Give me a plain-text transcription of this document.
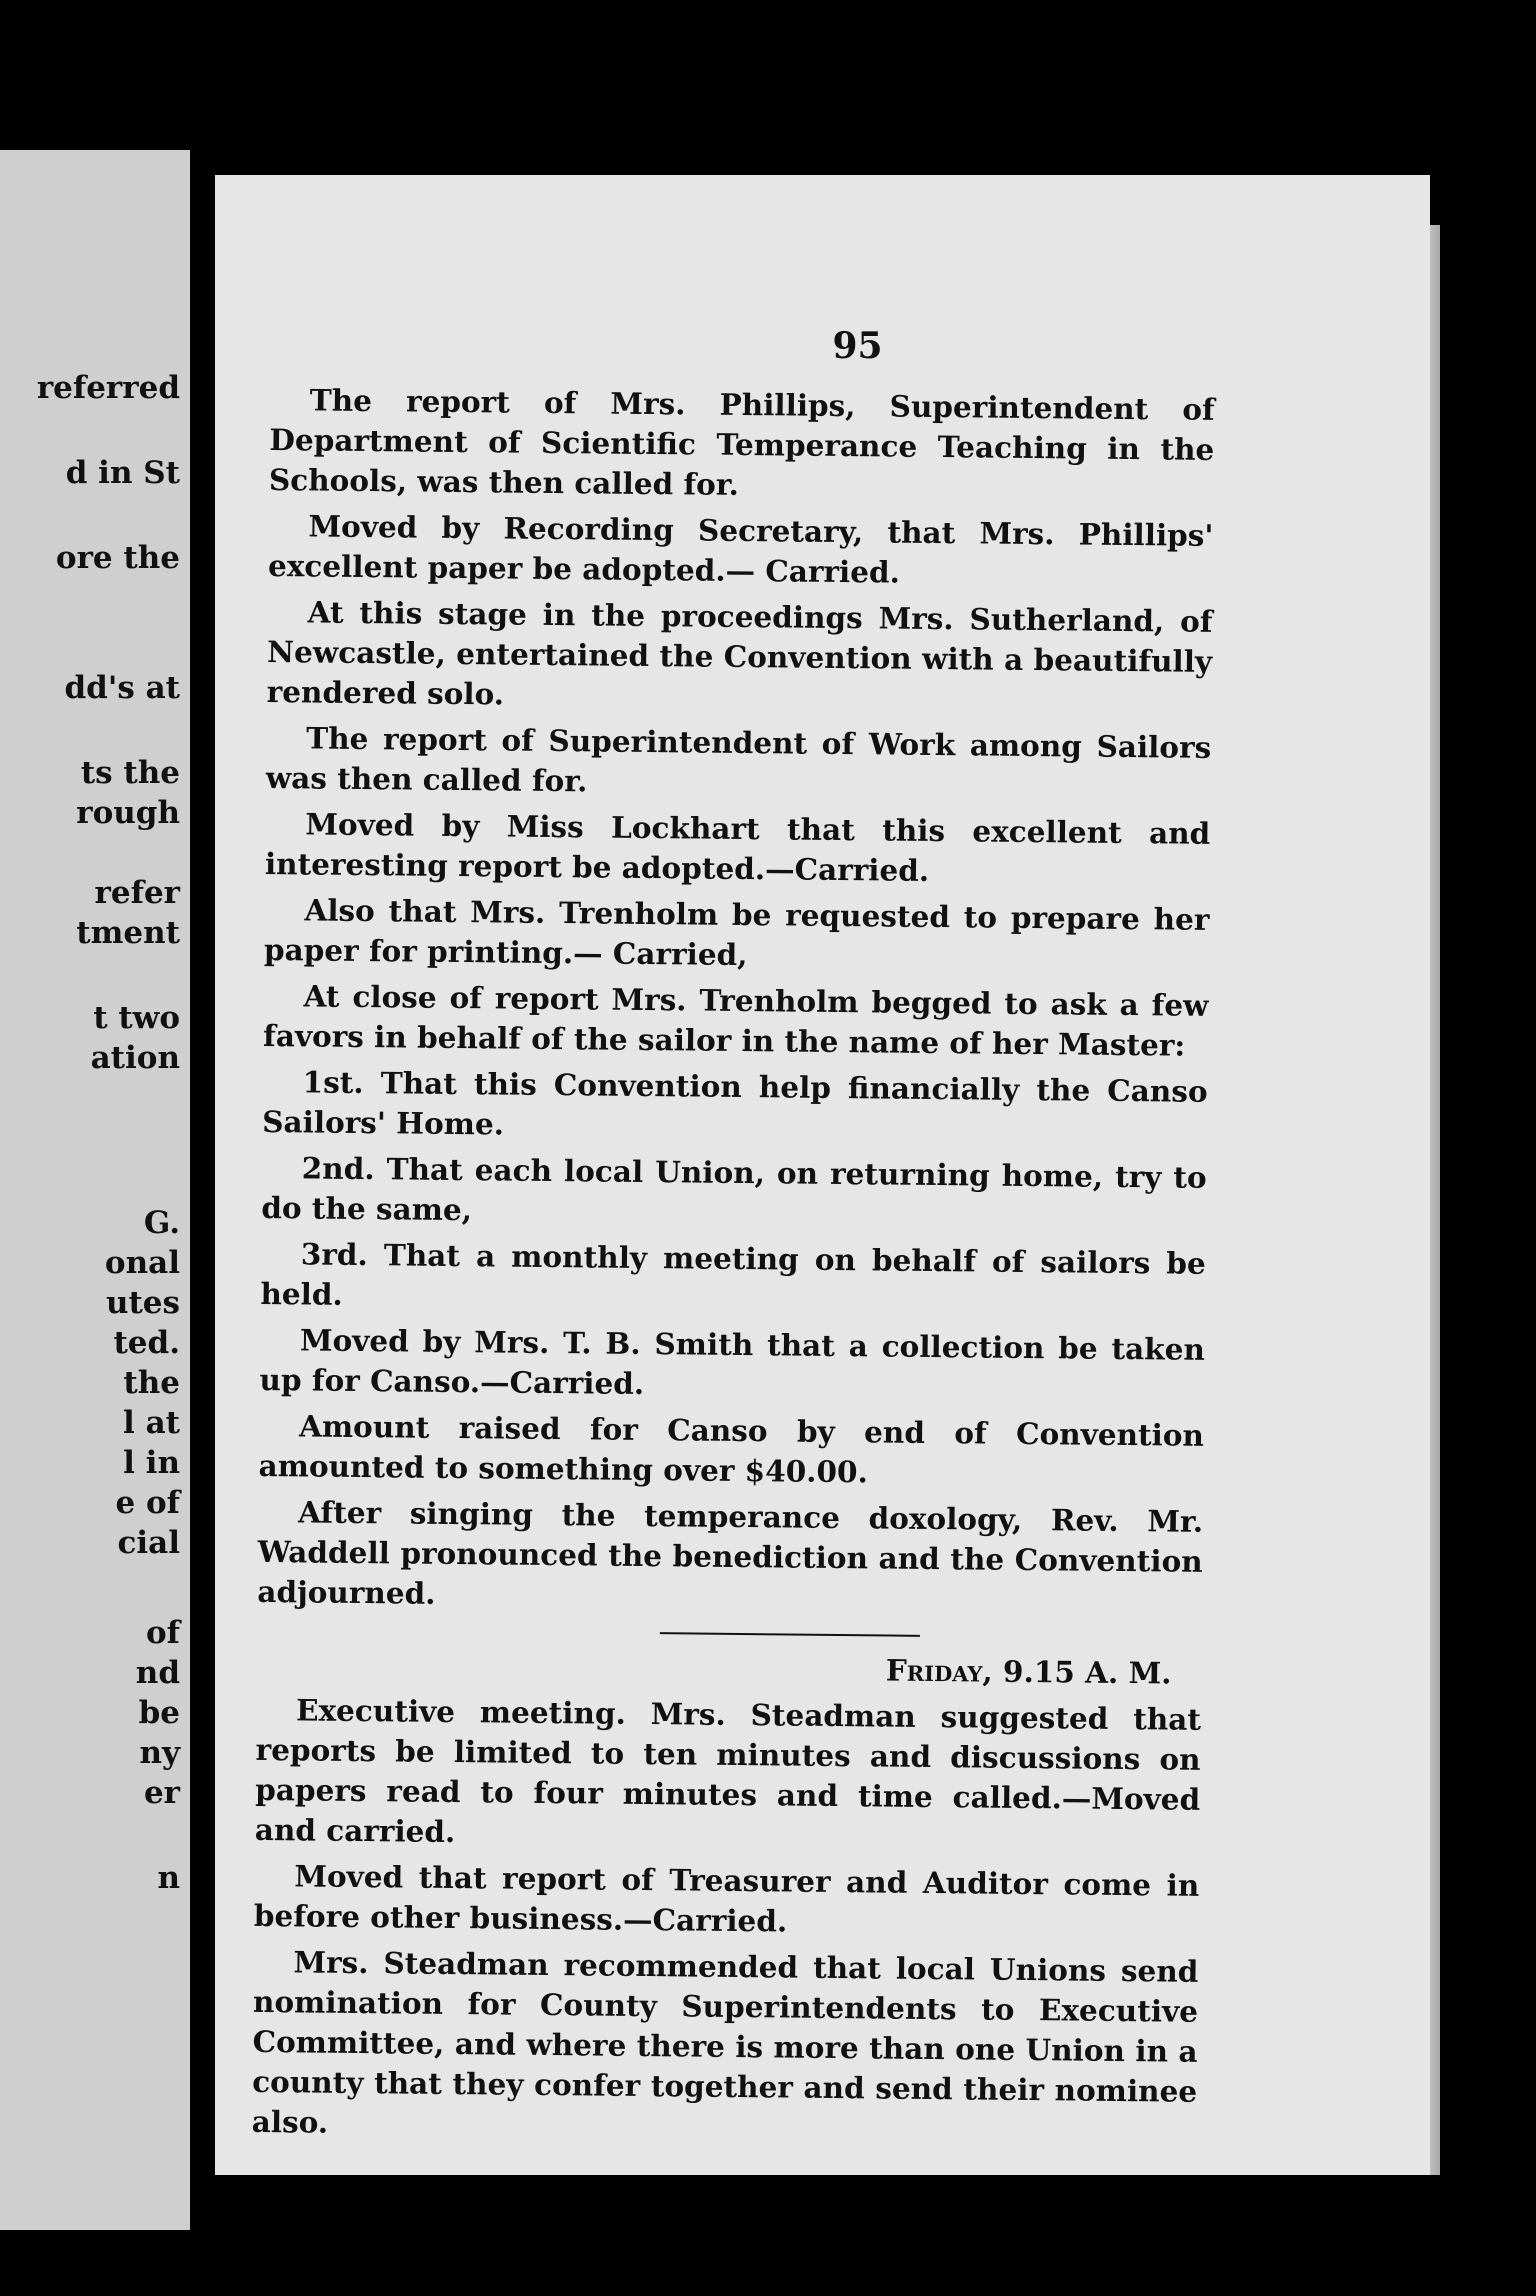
referred
d in St
ore the
dd's at
ts the
rough
refer
tment
t two
ation
G.
onal
utes
ted.
the
l at
l in
e of
cial
of
nd
be
ny
er
n
95

The report of Mrs. Phillips, Superintendent of Department of Scientific Temperance Teaching in the Schools, was then called for.

Moved by Recording Secretary, that Mrs. Phillips' excellent paper be adopted.— Carried.

At this stage in the proceedings Mrs. Sutherland, of Newcastle, entertained the Convention with a beautifully rendered solo.

The report of Superintendent of Work among Sailors was then called for.

Moved by Miss Lockhart that this excellent and interesting report be adopted.—Carried.

Also that Mrs. Trenholm be requested to prepare her paper for printing.— Carried,

At close of report Mrs. Trenholm begged to ask a few favors in behalf of the sailor in the name of her Master:

1st. That this Convention help financially the Canso Sailors' Home.

2nd. That each local Union, on returning home, try to do the same,

3rd. That a monthly meeting on behalf of sailors be held.

Moved by Mrs. T. B. Smith that a collection be taken up for Canso.—Carried.

Amount raised for Canso by end of Convention amounted to something over $40.00.

After singing the temperance doxology, Rev. Mr. Waddell pronounced the benediction and the Convention adjourned.

Friday, 9.15 A. M.

Executive meeting. Mrs. Steadman suggested that reports be limited to ten minutes and discussions on papers read to four minutes and time called.—Moved and carried.

Moved that report of Treasurer and Auditor come in before other business.—Carried.

Mrs. Steadman recommended that local Unions send nomination for County Superintendents to Executive Committee, and where there is more than one Union in a county that they confer together and send their nominee also.
